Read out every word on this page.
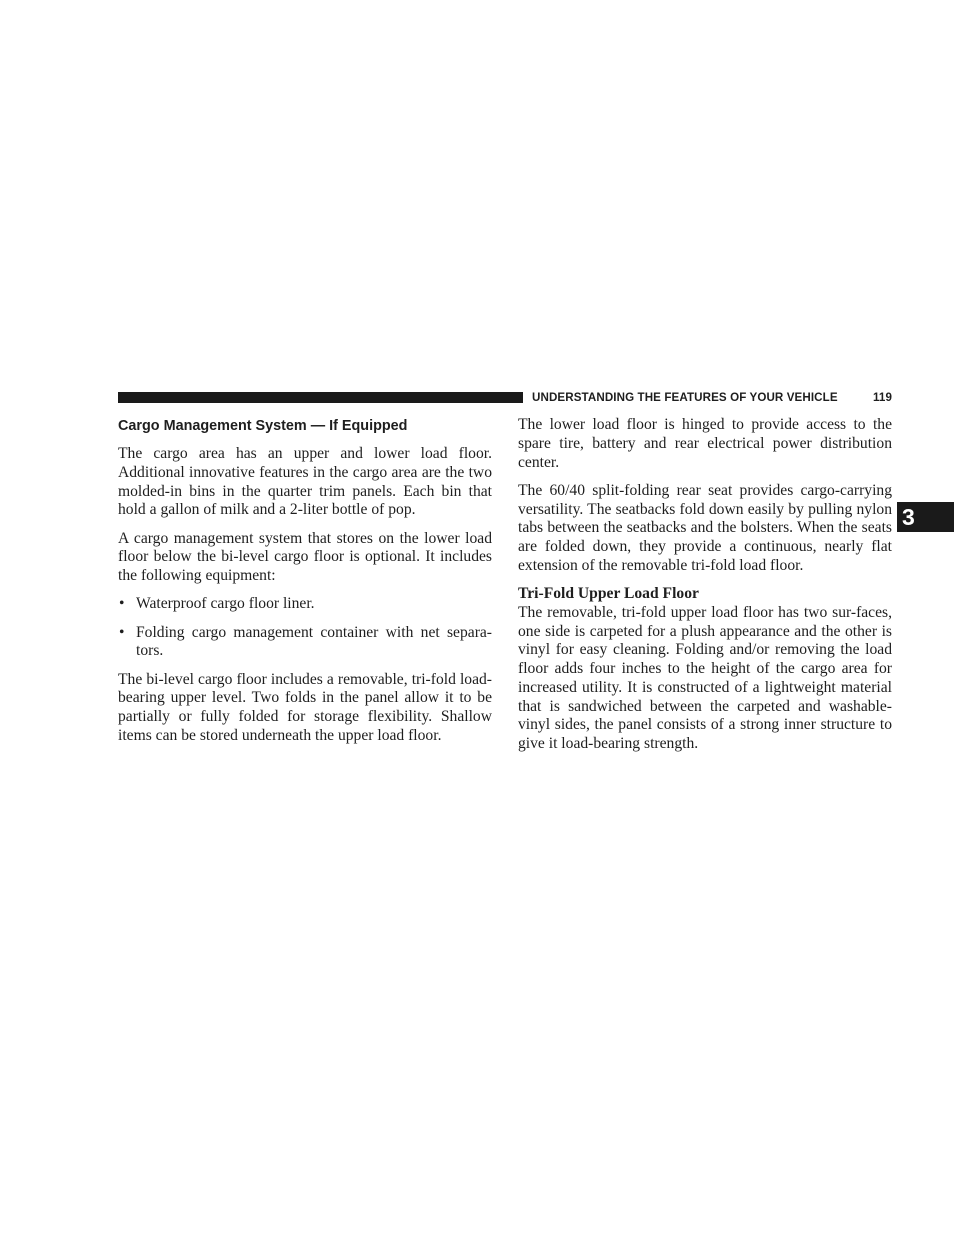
UNDERSTANDING THE FEATURES OF YOUR VEHICLE	119
3
Cargo Management System — If Equipped

The cargo area has an upper and lower load floor. Additional innovative features in the cargo area are the two molded-in bins in the quarter trim panels. Each bin that hold a gallon of milk and a 2-liter bottle of pop.

A cargo management system that stores on the lower load floor below the bi-level cargo floor is optional. It includes the following equipment:

• Waterproof cargo floor liner.
• Folding cargo management container with net separa-tors.

The bi-level cargo floor includes a removable, tri-fold load-bearing upper level. Two folds in the panel allow it to be partially or fully folded for storage flexibility. Shallow items can be stored underneath the upper load floor.

The lower load floor is hinged to provide access to the spare tire, battery and rear electrical power distribution center.

The 60/40 split-folding rear seat provides cargo-carrying versatility. The seatbacks fold down easily by pulling nylon tabs between the seatbacks and the bolsters. When the seats are folded down, they provide a continuous, nearly flat extension of the removable tri-fold load floor.

Tri-Fold Upper Load Floor

The removable, tri-fold upper load floor has two sur-faces, one side is carpeted for a plush appearance and the other is vinyl for easy cleaning. Folding and/or removing the load floor adds four inches to the height of the cargo area for increased utility. It is constructed of a lightweight material that is sandwiched between the carpeted and washable-vinyl sides, the panel consists of a strong inner structure to give it load-bearing strength.
